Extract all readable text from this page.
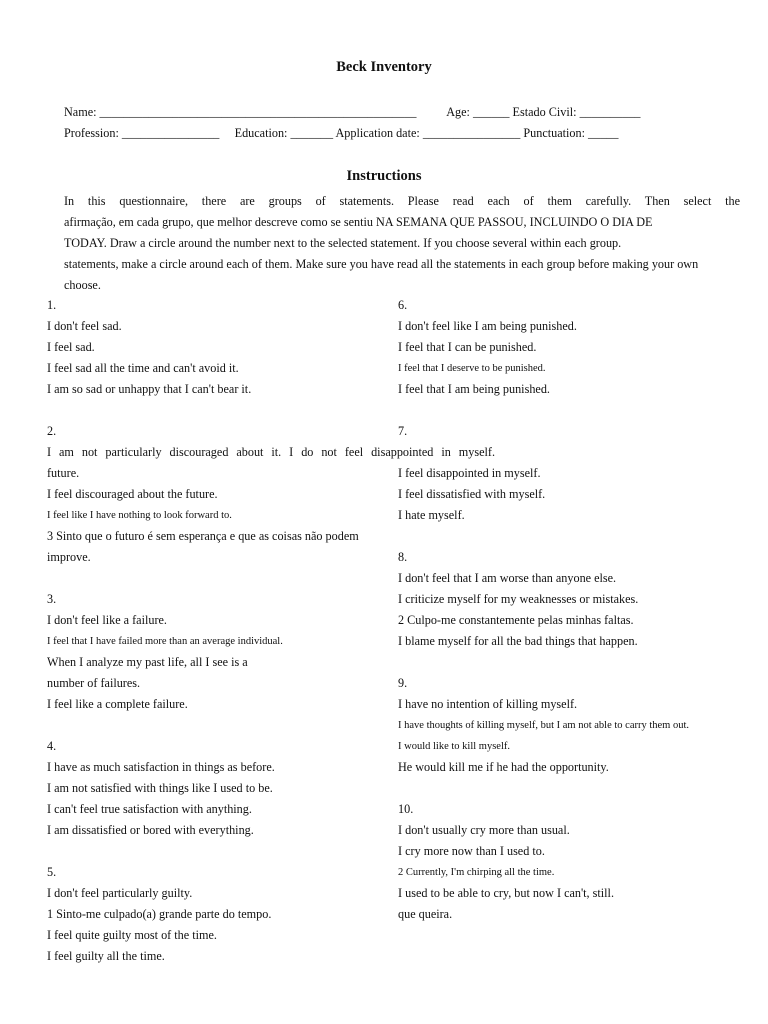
Beck Inventory
Name: ____________________________________________________          Age: ______ Estado Civil: __________
Profession: ________________     Education: _______ Application date: ________________ Punctuation: _____
Instructions
In this questionnaire, there are groups of statements. Please read each of them carefully. Then select the
afirmação, em cada grupo, que melhor descreve como se sentiu NA SEMANA QUE PASSOU, INCLUINDO O DIA DE
TODAY. Draw a circle around the number next to the selected statement. If you choose several within each group.
statements, make a circle around each of them. Make sure you have read all the statements in each group before making your own
choose.
1.
I don't feel sad.
I feel sad.
I feel sad all the time and can't avoid it.
I am so sad or unhappy that I can't bear it.
2.
I am not particularly discouraged about it. I do not feel disappointed in myself.
future.
I feel discouraged about the future.
I feel like I have nothing to look forward to.
3 Sinto que o futuro é sem esperança e que as coisas não podem
improve.
3.
I don't feel like a failure.
I feel that I have failed more than an average individual.
When I analyze my past life, all I see is a
number of failures.
I feel like a complete failure.
4.
I have as much satisfaction in things as before.
I am not satisfied with things like I used to be.
I can't feel true satisfaction with anything.
I am dissatisfied or bored with everything.
5.
I don't feel particularly guilty.
1 Sinto-me culpado(a) grande parte do tempo.
I feel quite guilty most of the time.
I feel guilty all the time.
6.
I don't feel like I am being punished.
I feel that I can be punished.
I feel that I deserve to be punished.
I feel that I am being punished.
7.
I feel disappointed in myself.
I feel dissatisfied with myself.
I hate myself.
8.
I don't feel that I am worse than anyone else.
I criticize myself for my weaknesses or mistakes.
2 Culpo-me constantemente pelas minhas faltas.
I blame myself for all the bad things that happen.
9.
I have no intention of killing myself.
I have thoughts of killing myself, but I am not able to carry them out.
I would like to kill myself.
He would kill me if he had the opportunity.
10.
I don't usually cry more than usual.
I cry more now than I used to.
2 Currently, I'm chirping all the time.
I used to be able to cry, but now I can't, still.
que queira.
